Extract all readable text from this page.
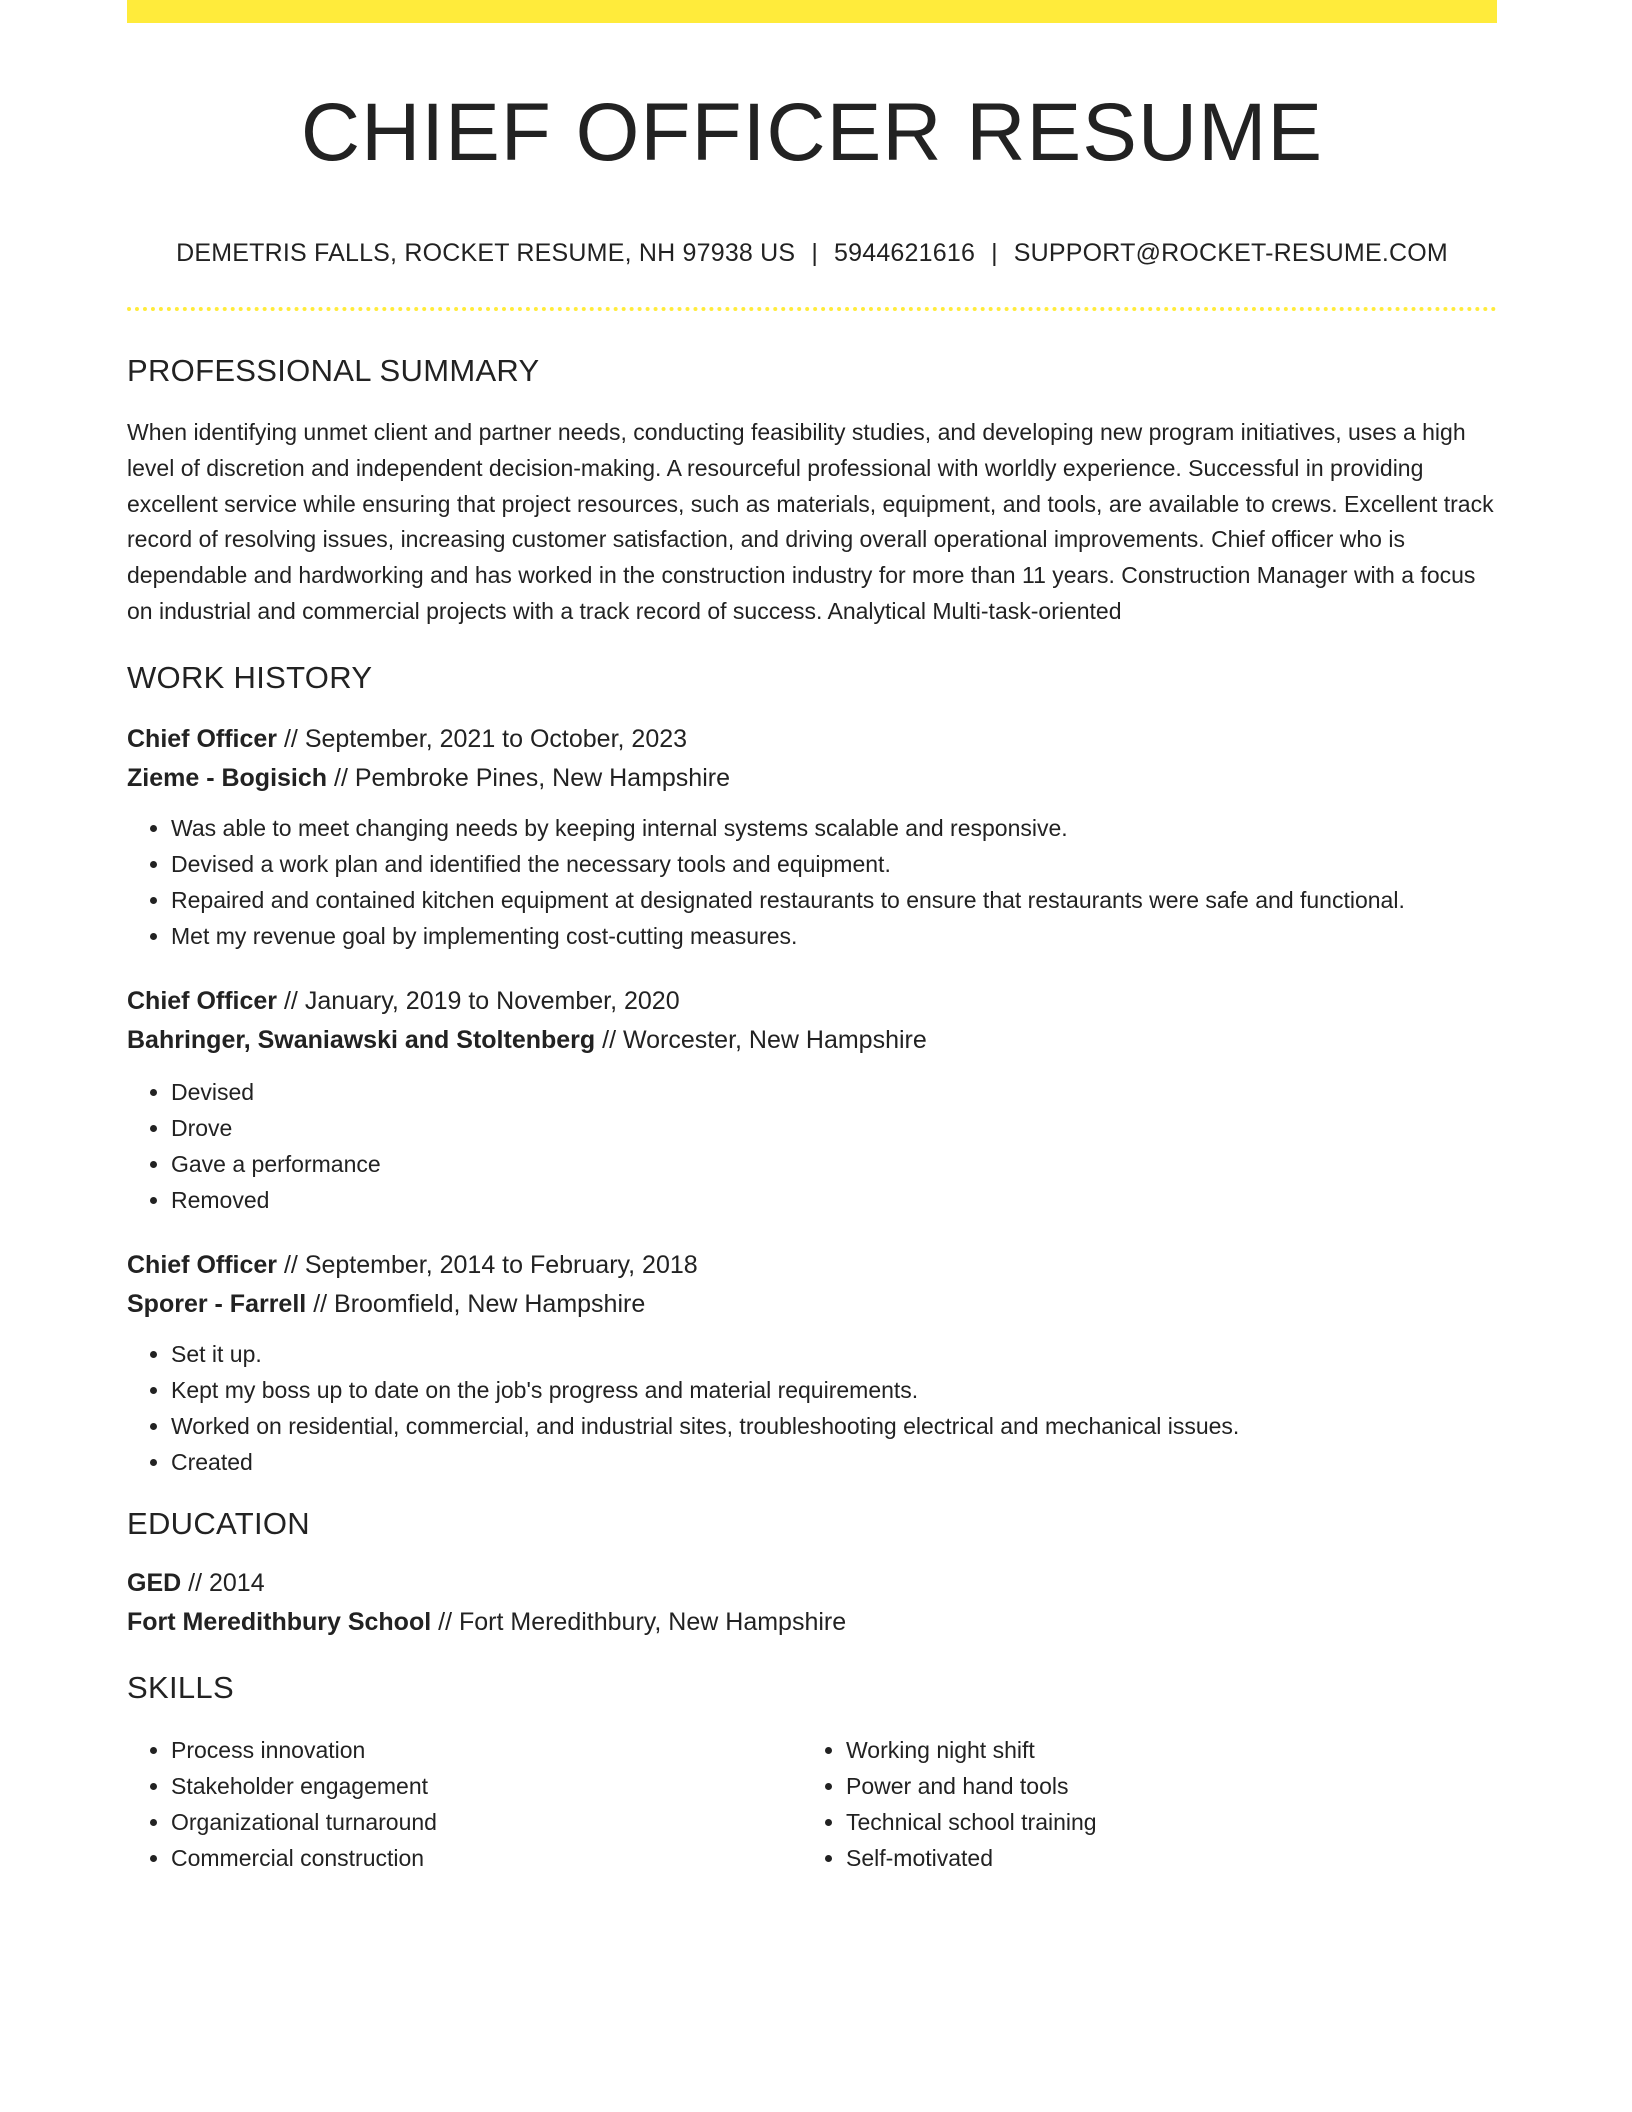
CHIEF OFFICER RESUME
DEMETRIS FALLS, ROCKET RESUME, NH 97938 US | 5944621616 | SUPPORT@ROCKET-RESUME.COM
PROFESSIONAL SUMMARY
When identifying unmet client and partner needs, conducting feasibility studies, and developing new program initiatives, uses a high level of discretion and independent decision-making. A resourceful professional with worldly experience. Successful in providing excellent service while ensuring that project resources, such as materials, equipment, and tools, are available to crews. Excellent track record of resolving issues, increasing customer satisfaction, and driving overall operational improvements. Chief officer who is dependable and hardworking and has worked in the construction industry for more than 11 years. Construction Manager with a focus on industrial and commercial projects with a track record of success. Analytical Multi-task-oriented
WORK HISTORY
Chief Officer // September, 2021 to October, 2023
Zieme - Bogisich // Pembroke Pines, New Hampshire
• Was able to meet changing needs by keeping internal systems scalable and responsive.
• Devised a work plan and identified the necessary tools and equipment.
• Repaired and contained kitchen equipment at designated restaurants to ensure that restaurants were safe and functional.
• Met my revenue goal by implementing cost-cutting measures.
Chief Officer // January, 2019 to November, 2020
Bahringer, Swaniawski and Stoltenberg // Worcester, New Hampshire
• Devised
• Drove
• Gave a performance
• Removed
Chief Officer // September, 2014 to February, 2018
Sporer - Farrell // Broomfield, New Hampshire
• Set it up.
• Kept my boss up to date on the job's progress and material requirements.
• Worked on residential, commercial, and industrial sites, troubleshooting electrical and mechanical issues.
• Created
EDUCATION
GED // 2014
Fort Meredithbury School // Fort Meredithbury, New Hampshire
SKILLS
• Process innovation
• Stakeholder engagement
• Organizational turnaround
• Commercial construction
• Working night shift
• Power and hand tools
• Technical school training
• Self-motivated
